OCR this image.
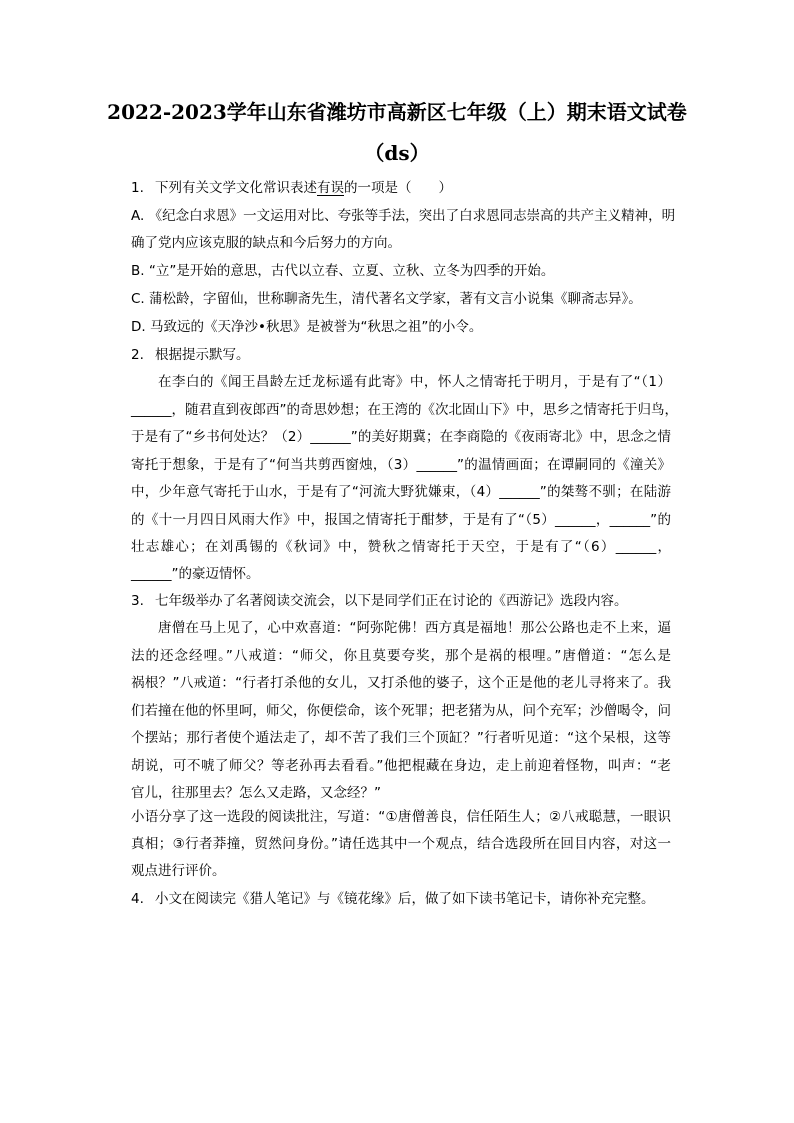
2022-2023学年山东省潍坊市高新区七年级（上）期末语文试卷
（ds）
1. 下列有关文学文化常识表述有误的一项是（　　）
A. 《纪念白求恩》一文运用对比、夸张等手法，突出了白求恩同志崇高的共产主义精神，明
确了党内应该克服的缺点和今后努力的方向。
B. “立”是开始的意思，古代以立春、立夏、立秋、立冬为四季的开始。
C. 蒲松龄，字留仙，世称聊斋先生，清代著名文学家，著有文言小说集《聊斋志异》。
D. 马致远的《天净沙•秋思》是被誉为“秋思之祖”的小令。
2. 根据提示默写。
在李白的《闻王昌龄左迁龙标遥有此寄》中，怀人之情寄托于明月，于是有了“（1）
______，随君直到夜郎西”的奇思妙想；在王湾的《次北固山下》中，思乡之情寄托于归鸟，
于是有了“乡书何处达？（2）______”的美好期冀；在李商隐的《夜雨寄北》中，思念之情
寄托于想象，于是有了“何当共剪西窗烛，（3）______”的温情画面；在谭嗣同的《潼关》
中，少年意气寄托于山水，于是有了“河流大野犹嫌束，（4）______”的桀骜不驯；在陆游
的《十一月四日风雨大作》中，报国之情寄托于酣梦，于是有了“（5）______，______”的
壮志雄心；在刘禹锡的《秋词》中，赞秋之情寄托于天空，于是有了“（6）______，
______”的豪迈情怀。
3. 七年级举办了名著阅读交流会，以下是同学们正在讨论的《西游记》选段内容。
唐僧在马上见了，心中欢喜道：“阿弥陀佛！西方真是福地！那公公路也走不上来，逼
法的还念经哩。”八戒道：“师父，你且莫要夸奖，那个是祸的根哩。”唐僧道：“怎么是
祸根？”八戒道：“行者打杀他的女儿，又打杀他的婆子，这个正是他的老儿寻将来了。我
们若撞在他的怀里呵，师父，你便偿命，该个死罪；把老猪为从，问个充军；沙僧喝令，问
个摆站；那行者使个遁法走了，却不苦了我们三个顶缸？”行者听见道：“这个呆根，这等
胡说，可不唬了师父？等老孙再去看看。”他把棍藏在身边，走上前迎着怪物，叫声：“老
官儿，往那里去？怎么又走路，又念经？”
小语分享了这一选段的阅读批注，写道：“①唐僧善良，信任陌生人；②八戒聪慧，一眼识
真相；③行者莽撞，贸然问身份。”请任选其中一个观点，结合选段所在回目内容，对这一
观点进行评价。
4. 小文在阅读完《猎人笔记》与《镜花缘》后，做了如下读书笔记卡，请你补充完整。
